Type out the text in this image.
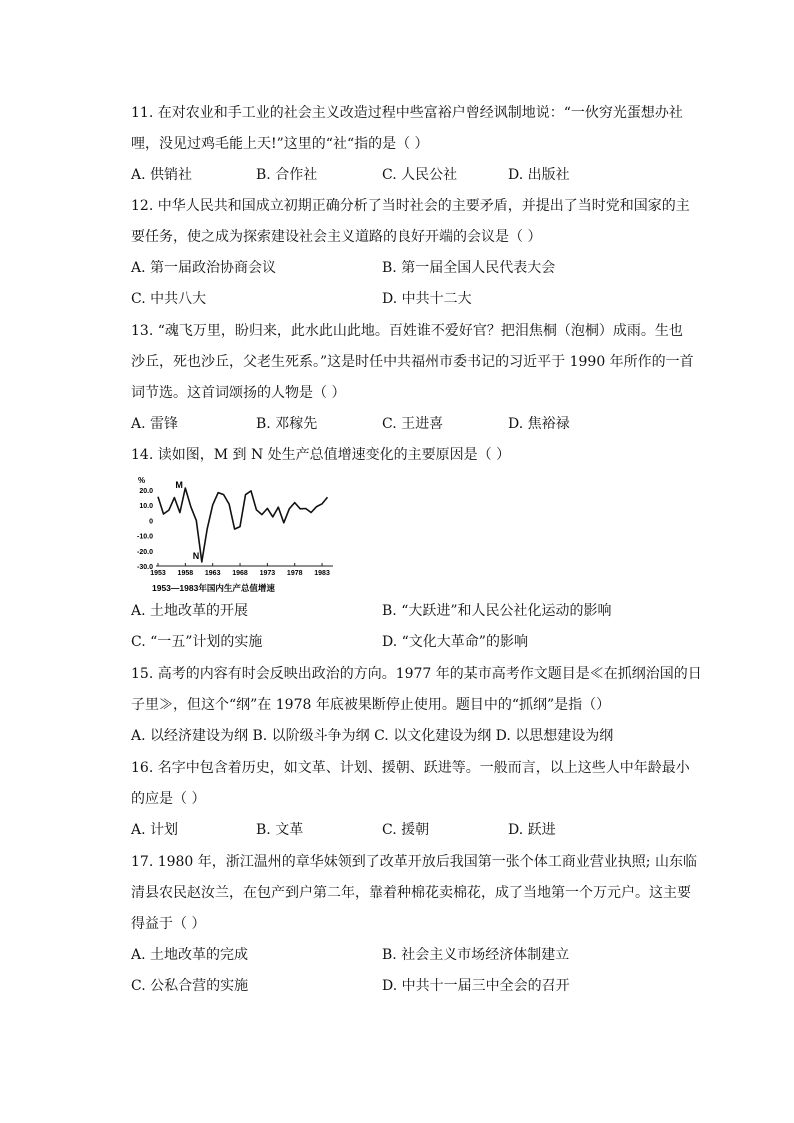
11. 在对农业和手工业的社会主义改造过程中些富裕户曾经讽制地说：“一伙穷光蛋想办社
哩，没见过鸡毛能上天!”这里的“社“指的是（ ）
A. 供销社	B. 合作社	C. 人民公社	D. 出版社
12. 中华人民共和国成立初期正确分析了当时社会的主要矛盾，并提出了当时党和国家的主
要任务，使之成为探索建设社会主义道路的良好开端的会议是（ ）
A. 第一届政治协商会议	B. 第一届全国人民代表大会
C. 中共八大	D. 中共十二大
13. “魂飞万里，盼归来，此水此山此地。百姓谁不爱好官？把泪焦桐（泡桐）成雨。生也
沙丘，死也沙丘，父老生死系。”这是时任中共福州市委书记的习近平于 1990 年所作的一首
词节选。这首词颂扬的人物是（ ）
A. 雷锋	B. 邓稼先	C. 王进喜	D. 焦裕禄
14. 读如图，M 到 N 处生产总值增速变化的主要原因是（ ）
%
20.0
10.0
0
-10.0
-20.0
-30.0
1953 1958 1963 1968 1973 1978 1983
M
N
1953—1983年国内生产总值增速
A. 土地改革的开展	B. “大跃进”和人民公社化运动的影响
C. “一五”计划的实施	D. “文化大革命”的影响
15. 高考的内容有时会反映出政治的方向。1977 年的某市高考作文题目是≪在抓纲治国的日
子里≫，但这个“纲”在 1978 年底被果断停止使用。题目中的“抓纲”是指（）
A. 以经济建设为纲 B. 以阶级斗争为纲 C. 以文化建设为纲 D. 以思想建设为纲
16. 名字中包含着历史，如文革、计划、援朝、跃进等。一般而言，以上这些人中年龄最小
的应是（ ）
A. 计划	B. 文革	C. 援朝	D. 跃进
17. 1980 年，浙江温州的章华妹领到了改革开放后我国第一张个体工商业营业执照; 山东临
清县农民赵汝兰，在包产到户第二年，靠着种棉花卖棉花，成了当地第一个万元户。这主要
得益于（ ）
A. 土地改革的完成	B. 社会主义市场经济体制建立
C. 公私合营的实施	D. 中共十一届三中全会的召开
